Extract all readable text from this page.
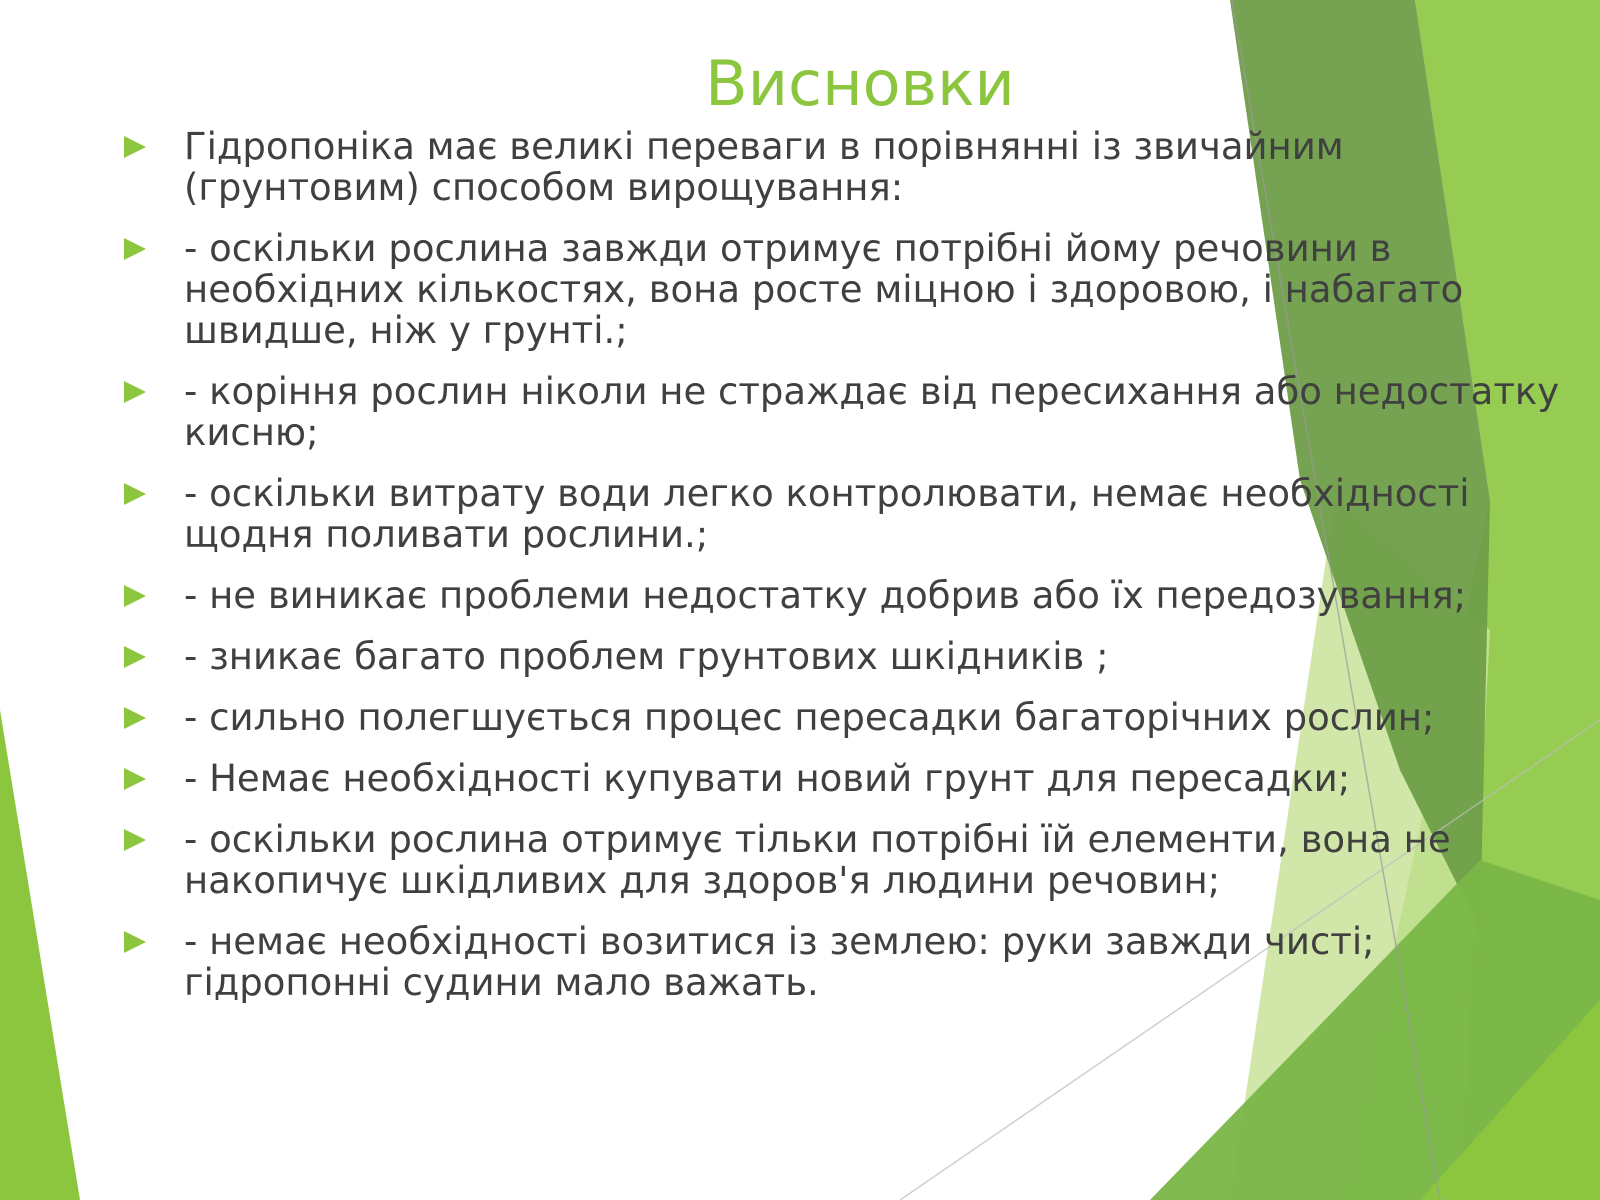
Висновки
Гідропоніка має великі переваги в порівнянні із звичайним
(грунтовим) способом вирощування:
- оскільки рослина завжди отримує потрібні йому речовини в
необхідних кількостях, вона росте міцною і здоровою, і набагато
швидше, ніж у грунті.;
- коріння рослин ніколи не страждає від пересихання або недостатку
кисню;
- оскільки витрату води легко контролювати, немає необхідності
щодня поливати рослини.;
- не виникає проблеми недостатку добрив або їх передозування;
- зникає багато проблем грунтових шкідників ;
- сильно полегшується процес пересадки багаторічних рослин;
- Немає необхідності купувати новий грунт для пересадки;
- оскільки рослина отримує тільки потрібні їй елементи, вона не
накопичує шкідливих для здоров'я людини речовин;
- немає необхідності возитися із землею: руки завжди чисті;
гідропонні судини мало важать.
